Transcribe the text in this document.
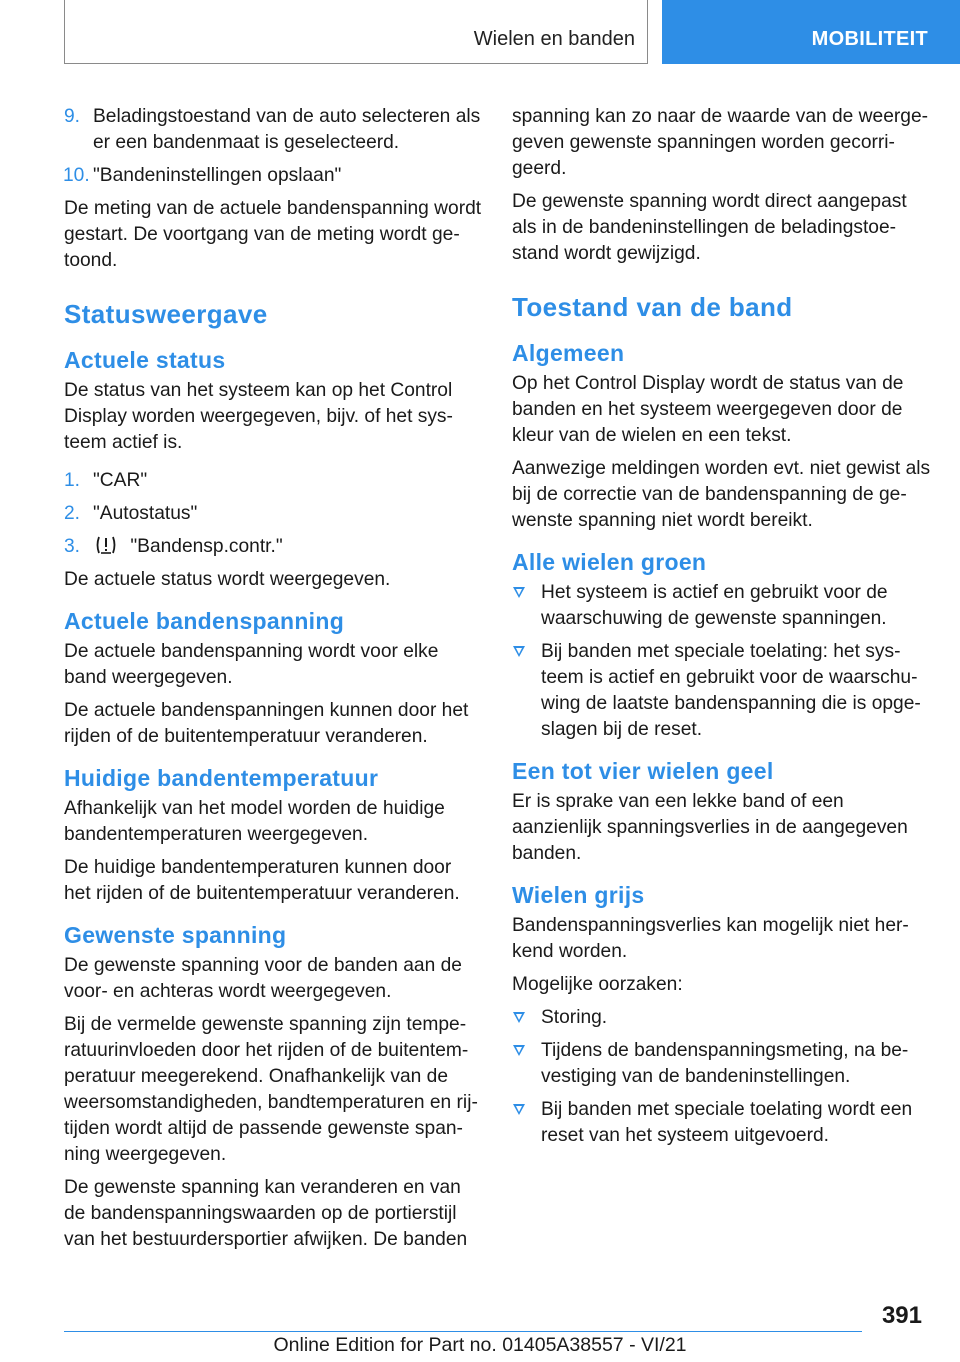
Wielen en banden	MOBILITEIT
9. Beladingstoestand van de auto selecteren als er een bandenmaat is geselecteerd.
10. "Bandeninstellingen opslaan"

De meting van de actuele bandenspanning wordt gestart. De voortgang van de meting wordt getoond.

Statusweergave
Actuele status

De status van het systeem kan op het Control Display worden weergegeven, bijv. of het systeem actief is.

1. "CAR"
2. "Autostatus"
3.	"Bandensp.contr."

De actuele status wordt weergegeven.

Actuele bandenspanning

De actuele bandenspanning wordt voor elke band weergegeven.

De actuele bandenspanningen kunnen door het rijden of de buitentemperatuur veranderen.

Huidige bandentemperatuur

Afhankelijk van het model worden de huidige bandentemperaturen weergegeven.

De huidige bandentemperaturen kunnen door het rijden of de buitentemperatuur veranderen.

Gewenste spanning

De gewenste spanning voor de banden aan de voor- en achteras wordt weergegeven.

Bij de vermelde gewenste spanning zijn temperatuurinvloeden door het rijden of de buitentemperatuur meegerekend. Onafhankelijk van de weersomstandigheden, bandtemperaturen en rijtijden wordt altijd de passende gewenste spanning weergegeven.

De gewenste spanning kan veranderen en van de bandenspanningswaarden op de portierstijl van het bestuurdersportier afwijken. De banden

spanning kan zo naar de waarde van de weergegeven gewenste spanningen worden gecorrigeerd.

De gewenste spanning wordt direct aangepast als in de bandeninstellingen de beladingstoestand wordt gewijzigd.

Toestand van de band
Algemeen

Op het Control Display wordt de status van de banden en het systeem weergegeven door de kleur van de wielen en een tekst.

Aanwezige meldingen worden evt. niet gewist als bij de correctie van de bandenspanning de gewenste spanning niet wordt bereikt.

Alle wielen groen
Het systeem is actief en gebruikt voor de waarschuwing de gewenste spanningen.
Bij banden met speciale toelating: het systeem is actief en gebruikt voor de waarschuwing de laatste bandenspanning die is opgeslagen bij de reset.
Een tot vier wielen geel

Er is sprake van een lekke band of een aanzienlijk spanningsverlies in de aangegeven banden.

Wielen grijs

Bandenspanningsverlies kan mogelijk niet herkend worden.

Mogelijke oorzaken:

Storing.
Tijdens de bandenspanningsmeting, na bevestiging van de bandeninstellingen.
Bij banden met speciale toelating wordt een reset van het systeem uitgevoerd.
391
Online Edition for Part no. 01405A38557 - VI/21
